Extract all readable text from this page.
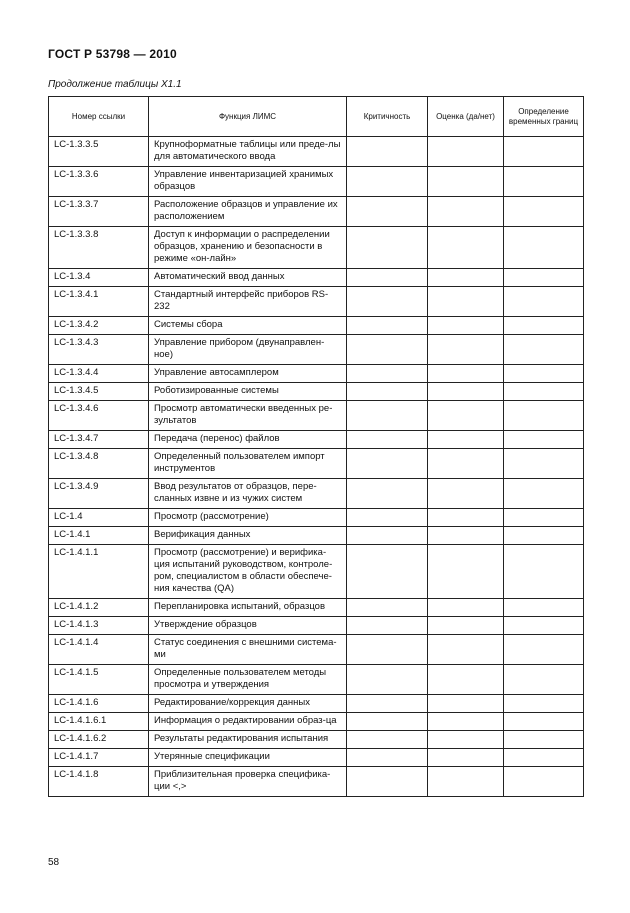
ГОСТ Р 53798 — 2010
Продолжение таблицы X1.1
Номер ссылки	Функция ЛИМС	Критичность	Оценка (да/нет)	Определение временных границ
LC-1.3.3.5	Крупноформатные таблицы или преде-лы для автоматического ввода			
LC-1.3.3.6	Управление инвентаризацией хранимых образцов			
LC-1.3.3.7	Расположение образцов и управление их расположением			
LC-1.3.3.8	Доступ к информации о распределении образцов, хранению и безопасности в режиме «он-лайн»			
LC-1.3.4	Автоматический ввод данных			
LC-1.3.4.1	Стандартный интерфейс приборов RS-232			
LC-1.3.4.2	Системы сбора			
LC-1.3.4.3	Управление прибором (двунаправлен-ное)			
LC-1.3.4.4	Управление автосамплером			
LC-1.3.4.5	Роботизированные системы			
LC-1.3.4.6	Просмотр автоматически введенных ре-зультатов			
LC-1.3.4.7	Передача (перенос) файлов			
LC-1.3.4.8	Определенный пользователем импорт инструментов			
LC-1.3.4.9	Ввод результатов от образцов, пере-сланных извне и из чужих систем			
LC-1.4	Просмотр (рассмотрение)			
LC-1.4.1	Верификация данных			
LC-1.4.1.1	Просмотр (рассмотрение) и верифика-ция испытаний руководством, контроле-ром, специалистом в области обеспече-ния качества (QA)			
LC-1.4.1.2	Перепланировка испытаний, образцов			
LC-1.4.1.3	Утверждение образцов			
LC-1.4.1.4	Статус соединения с внешними система-ми			
LC-1.4.1.5	Определенные пользователем методы просмотра и утверждения			
LC-1.4.1.6	Редактирование/коррекция данных			
LC-1.4.1.6.1	Информация о редактировании образ-ца			
LC-1.4.1.6.2	Результаты редактирования испытания			
LC-1.4.1.7	Утерянные спецификации			
LC-1.4.1.8	Приблизительная проверка специфика-ции <,>			
58
